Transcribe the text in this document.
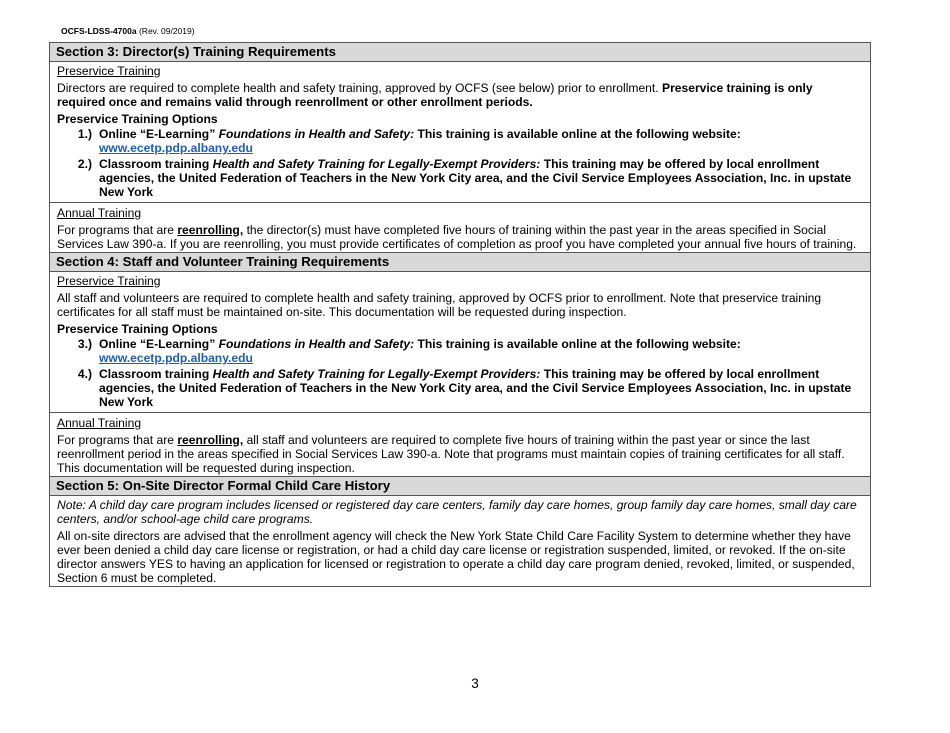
OCFS-LDSS-4700a (Rev. 09/2019)
Section 3: Director(s) Training Requirements

Preservice Training

Directors are required to complete health and safety training, approved by OCFS (see below) prior to enrollment. Preservice training is only required once and remains valid through reenrollment or other enrollment periods.

Preservice Training Options

1.) Online “E-Learning” Foundations in Health and Safety: This training is available online at the following website:
www.ecetp.pdp.albany.edu
2.) Classroom training Health and Safety Training for Legally-Exempt Providers: This training may be offered by local enrollment agencies, the United Federation of Teachers in the New York City area, and the Civil Service Employees Association, Inc. in upstate New York

Annual Training

For programs that are reenrolling, the director(s) must have completed five hours of training within the past year in the areas specified in Social Services Law 390-a. If you are reenrolling, you must provide certificates of completion as proof you have completed your annual five hours of training.

Section 4: Staff and Volunteer Training Requirements

Preservice Training

All staff and volunteers are required to complete health and safety training, approved by OCFS prior to enrollment. Note that preservice training certificates for all staff must be maintained on-site. This documentation will be requested during inspection.

Preservice Training Options

3.) Online “E-Learning” Foundations in Health and Safety: This training is available online at the following website:
www.ecetp.pdp.albany.edu
4.) Classroom training Health and Safety Training for Legally-Exempt Providers: This training may be offered by local enrollment agencies, the United Federation of Teachers in the New York City area, and the Civil Service Employees Association, Inc. in upstate New York

Annual Training

For programs that are reenrolling, all staff and volunteers are required to complete five hours of training within the past year or since the last reenrollment period in the areas specified in Social Services Law 390-a. Note that programs must maintain copies of training certificates for all staff. This documentation will be requested during inspection.

Section 5: On-Site Director Formal Child Care History

Note: A child day care program includes licensed or registered day care centers, family day care homes, group family day care homes, small day care centers, and/or school-age child care programs.

All on-site directors are advised that the enrollment agency will check the New York State Child Care Facility System to determine whether they have ever been denied a child day care license or registration, or had a child day care license or registration suspended, limited, or revoked. If the on-site director answers YES to having an application for licensed or registration to operate a child day care program denied, revoked, limited, or suspended, Section 6 must be completed.

3
